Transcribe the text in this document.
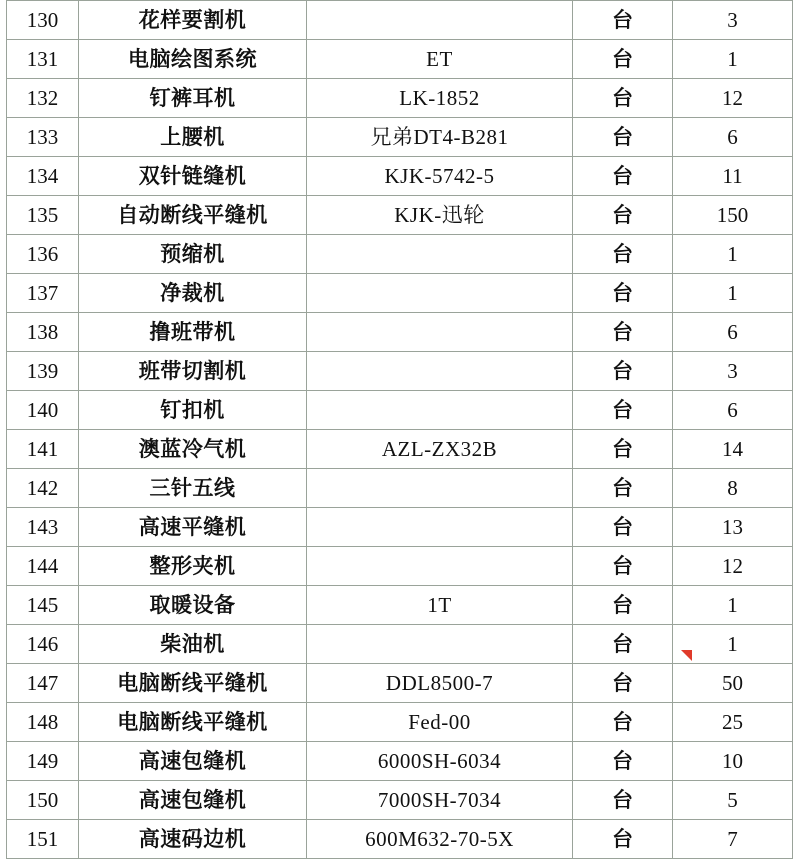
130	花样要割机		台	3
131	电脑绘图系统	ET	台	1
132	钉裤耳机	LK-1852	台	12
133	上腰机	兄弟DT4-B281	台	6
134	双针链缝机	KJK-5742-5	台	11
135	自动断线平缝机	KJK-迅轮	台	150
136	预缩机		台	1
137	净裁机		台	1
138	撸班带机		台	6
139	班带切割机		台	3
140	钉扣机		台	6
141	澳蓝冷气机	AZL-ZX32B	台	14
142	三针五线		台	8
143	高速平缝机		台	13
144	整形夹机		台	12
145	取暖设备	1T	台	1
146	柴油机		台	1
147	电脑断线平缝机	DDL8500-7	台	50
148	电脑断线平缝机	Fed-00	台	25
149	高速包缝机	6000SH-6034	台	10
150	高速包缝机	7000SH-7034	台	5
151	高速码边机	600M632-70-5X	台	7
